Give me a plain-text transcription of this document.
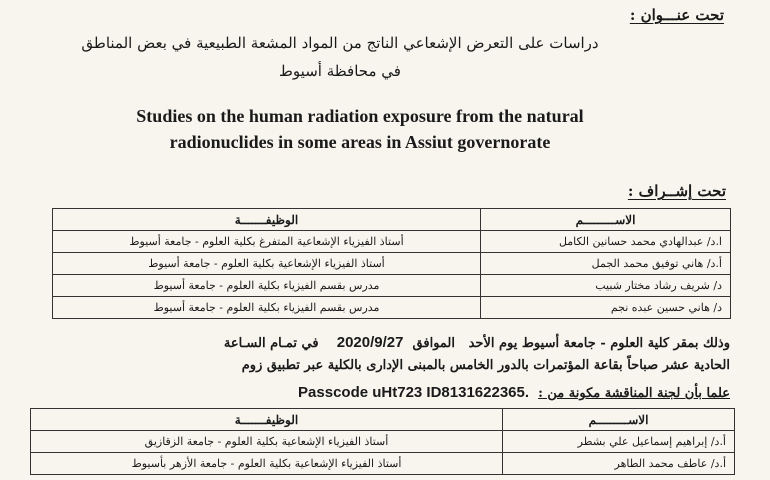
تحت عنـــوان :
دراسات على التعرض الإشعاعي الناتج من المواد المشعة الطبيعية في بعض المناطق
في محافظة أسيوط
Studies on the human radiation exposure from the natural
radionuclides in some areas in Assiut governorate
تحت إشــراف :
الاســـــــــم	الوظيفـــــــة
ا.د/ عبدالهادي محمد حسانين الكامل	أستاذ الفيزياء الإشعاعية المتفرغ بكلية العلوم - جامعة أسيوط
أ.د/ هاني توفيق محمد الجمل	أستاذ الفيزياء الإشعاعية بكلية العلوم - جامعة أسيوط
د/ شريف رشاد مختار شبيب	مدرس بقسم الفيزياء بكلية العلوم - جامعة أسيوط
د/ هاني حسين عبده نجم	مدرس بقسم الفيزياء بكلية العلوم - جامعة أسيوط
وذلك بمقر كلية العلوم - جامعة أسيوط يوم الأحد   الموافق  2020/9/27    في تمـام السـاعة
الحادية عشر صباحاً بقاعة المؤتمرات بالدور الخامس بالمبنى الإدارى بالكلية عبر تطبيق زوم
علما بأن لجنة المناقشة مكونة من :  Passcode uHt723 ID8131622365.
الاســـــــــم	الوظيفـــــــة
أ.د/ إبراهيم إسماعيل علي بشطر	أستاذ الفيزياء الإشعاعية بكلية العلوم - جامعة الزقازيق
أ.د/ عاطف محمد الطاهر	أستاذ الفيزياء الإشعاعية بكلية العلوم - جامعة الأزهر بأسيوط
